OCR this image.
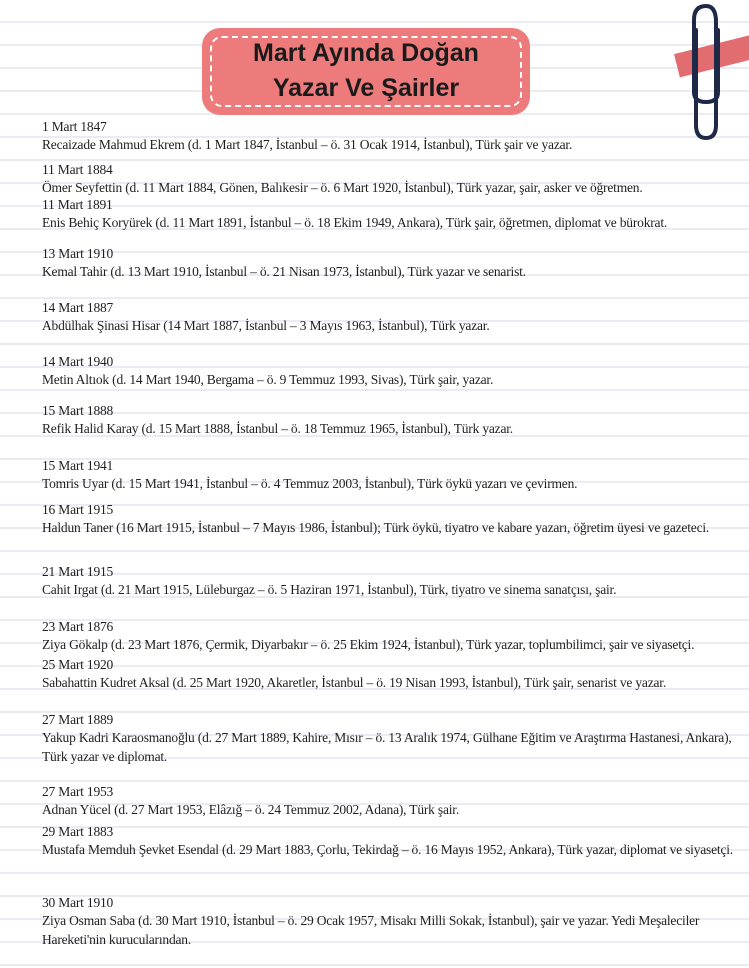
Mart Ayında Doğan
Yazar Ve Şairler
1 Mart 1847
Recaizade Mahmud Ekrem (d. 1 Mart 1847, İstanbul – ö. 31 Ocak 1914, İstanbul), Türk şair ve yazar.
11 Mart 1884
Ömer Seyfettin (d. 11 Mart 1884, Gönen, Balıkesir – ö. 6 Mart 1920, İstanbul), Türk yazar, şair, asker ve öğretmen.
11 Mart 1891
Enis Behiç Koryürek (d. 11 Mart 1891, İstanbul – ö. 18 Ekim 1949, Ankara), Türk şair, öğretmen, diplomat ve bürokrat.
13 Mart 1910
Kemal Tahir (d. 13 Mart 1910, İstanbul – ö. 21 Nisan 1973, İstanbul), Türk yazar ve senarist.
14 Mart 1887
Abdülhak Şinasi Hisar (14 Mart 1887, İstanbul – 3 Mayıs 1963, İstanbul), Türk yazar.
14 Mart 1940
Metin Altıok (d. 14 Mart 1940, Bergama – ö. 9 Temmuz 1993, Sivas), Türk şair, yazar.
15 Mart 1888
Refik Halid Karay (d. 15 Mart 1888, İstanbul – ö. 18 Temmuz 1965, İstanbul), Türk yazar.
15 Mart 1941
Tomris Uyar (d. 15 Mart 1941, İstanbul – ö. 4 Temmuz 2003, İstanbul), Türk öykü yazarı ve çevirmen.
16 Mart 1915
Haldun Taner (16 Mart 1915, İstanbul – 7 Mayıs 1986, İstanbul); Türk öykü, tiyatro ve kabare yazarı, öğretim üyesi ve gazeteci.
21 Mart 1915
Cahit Irgat (d. 21 Mart 1915, Lüleburgaz – ö. 5 Haziran 1971, İstanbul), Türk, tiyatro ve sinema sanatçısı, şair.
23 Mart 1876
Ziya Gökalp (d. 23 Mart 1876, Çermik, Diyarbakır – ö. 25 Ekim 1924, İstanbul), Türk yazar, toplumbilimci, şair ve siyasetçi.
25 Mart 1920
Sabahattin Kudret Aksal (d. 25 Mart 1920, Akaretler, İstanbul – ö. 19 Nisan 1993, İstanbul), Türk şair, senarist ve yazar.
27 Mart 1889
Yakup Kadri Karaosmanoğlu (d. 27 Mart 1889, Kahire, Mısır – ö. 13 Aralık 1974, Gülhane Eğitim ve Araştırma Hastanesi, Ankara), Türk yazar ve diplomat.
27 Mart 1953
Adnan Yücel (d. 27 Mart 1953, Elâzığ – ö. 24 Temmuz 2002, Adana), Türk şair.
29 Mart 1883
Mustafa Memduh Şevket Esendal (d. 29 Mart 1883, Çorlu, Tekirdağ – ö. 16 Mayıs 1952, Ankara), Türk yazar, diplomat ve siyasetçi.
30 Mart 1910
Ziya Osman Saba (d. 30 Mart 1910, İstanbul – ö. 29 Ocak 1957, Misakı Milli Sokak, İstanbul), şair ve yazar. Yedi Meşaleciler Hareketi'nin kurucularından.
